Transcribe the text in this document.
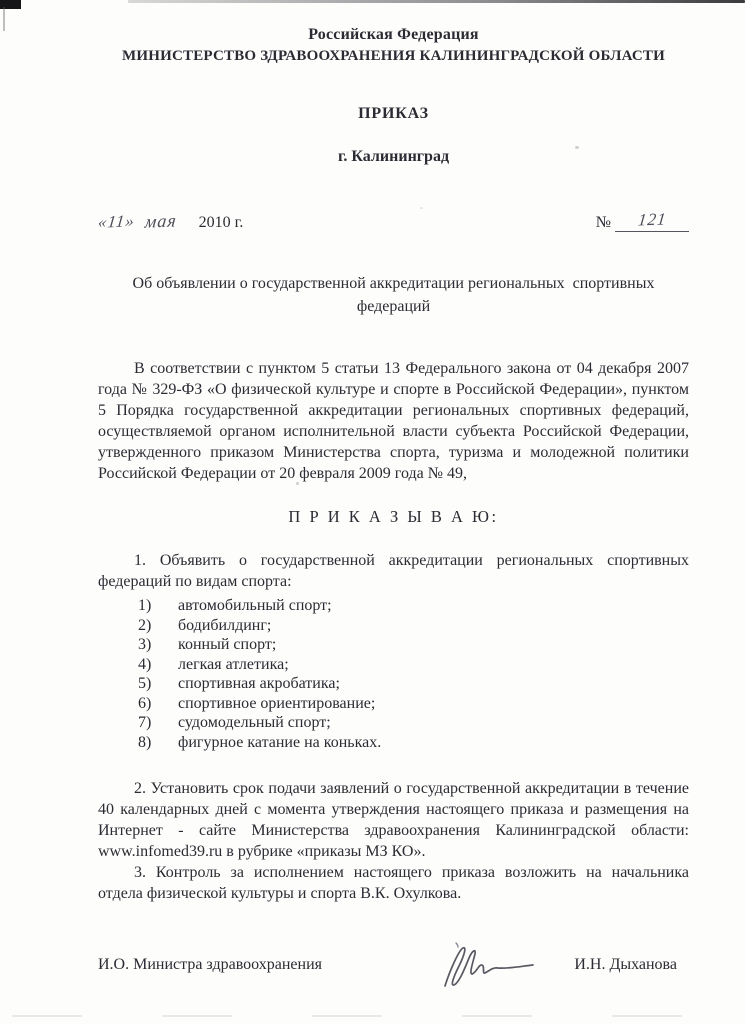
Российская Федерация
МИНИСТЕРСТВО ЗДРАВООХРАНЕНИЯ КАЛИНИНГРАДСКОЙ ОБЛАСТИ
ПРИКАЗ
г. Калининград
«11» мая 2010 г.	№	121
Об объявлении о государственной аккредитации региональных  спортивных федераций

В соответствии с пунктом 5 статьи 13 Федерального закона от 04 декабря 2007 года № 329-ФЗ «О физической культуре и спорте в Российской Федерации», пунктом 5 Порядка государственной аккредитации региональных спортивных федераций, осуществляемой органом исполнительной власти субъекта Российской Федерации, утвержденного приказом Министерства спорта, туризма и молодежной политики Российской Федерации от 20 февраля 2009 года № 49,

П Р И К А З Ы В А Ю:

1. Объявить о государственной аккредитации региональных спортивных федераций по видам спорта:

1) автомобильный спорт;
2) бодибилдинг;
3) конный спорт;
4) легкая атлетика;
5) спортивная акробатика;
6) спортивное ориентирование;
7) судомодельный спорт;
8) фигурное катание на коньках.

2. Установить срок подачи заявлений о государственной аккредитации в течение 40 календарных дней с момента утверждения настоящего приказа и размещения на Интернет - сайте Министерства здравоохранения Калининградской области: www.infomed39.ru в рубрике «приказы МЗ КО».

3. Контроль за исполнением настоящего приказа возложить на начальника отдела физической культуры и спорта В.К. Охулкова.

И.О. Министра здравоохранения	И.Н. Дыханова
